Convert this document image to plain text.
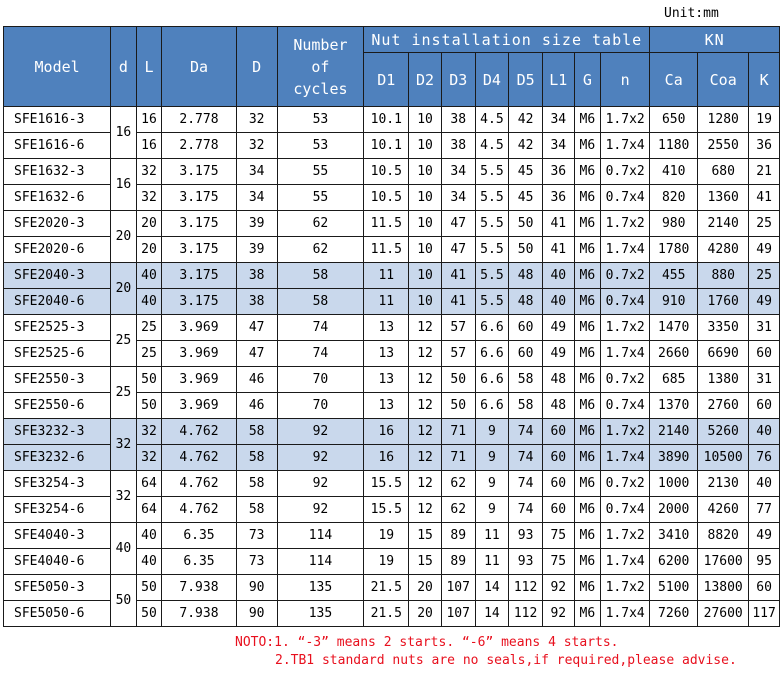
Unit:mm
Model	d	L	Da	D	Number
of
cycles	Nut installation size table								KN		
						D1	D2	D3	D4	D5	L1	G	n	Ca	Coa	K
SFE1616-3	16	16	2.778	32	53	10.1	10	38	4.5	42	34	M6	1.7x2	650	1280	19
SFE1616-6		16	2.778	32	53	10.1	10	38	4.5	42	34	M6	1.7x4	1180	2550	36
SFE1632-3	16	32	3.175	34	55	10.5	10	34	5.5	45	36	M6	0.7x2	410	680	21
SFE1632-6		32	3.175	34	55	10.5	10	34	5.5	45	36	M6	0.7x4	820	1360	41
SFE2020-3	20	20	3.175	39	62	11.5	10	47	5.5	50	41	M6	1.7x2	980	2140	25
SFE2020-6		20	3.175	39	62	11.5	10	47	5.5	50	41	M6	1.7x4	1780	4280	49
SFE2040-3	20	40	3.175	38	58	11	10	41	5.5	48	40	M6	0.7x2	455	880	25
SFE2040-6		40	3.175	38	58	11	10	41	5.5	48	40	M6	0.7x4	910	1760	49
SFE2525-3	25	25	3.969	47	74	13	12	57	6.6	60	49	M6	1.7x2	1470	3350	31
SFE2525-6		25	3.969	47	74	13	12	57	6.6	60	49	M6	1.7x4	2660	6690	60
SFE2550-3	25	50	3.969	46	70	13	12	50	6.6	58	48	M6	0.7x2	685	1380	31
SFE2550-6		50	3.969	46	70	13	12	50	6.6	58	48	M6	0.7x4	1370	2760	60
SFE3232-3	32	32	4.762	58	92	16	12	71	9	74	60	M6	1.7x2	2140	5260	40
SFE3232-6		32	4.762	58	92	16	12	71	9	74	60	M6	1.7x4	3890	10500	76
SFE3254-3	32	64	4.762	58	92	15.5	12	62	9	74	60	M6	0.7x2	1000	2130	40
SFE3254-6		64	4.762	58	92	15.5	12	62	9	74	60	M6	0.7x4	2000	4260	77
SFE4040-3	40	40	6.35	73	114	19	15	89	11	93	75	M6	1.7x2	3410	8820	49
SFE4040-6		40	6.35	73	114	19	15	89	11	93	75	M6	1.7x4	6200	17600	95
SFE5050-3	50	50	7.938	90	135	21.5	20	107	14	112	92	M6	1.7x2	5100	13800	60
SFE5050-6		50	7.938	90	135	21.5	20	107	14	112	92	M6	1.7x4	7260	27600	117
NOTO:1. “-3” means 2 starts. “-6” means 4 starts.
2.TB1 standard nuts are no seals,if required,please advise.
